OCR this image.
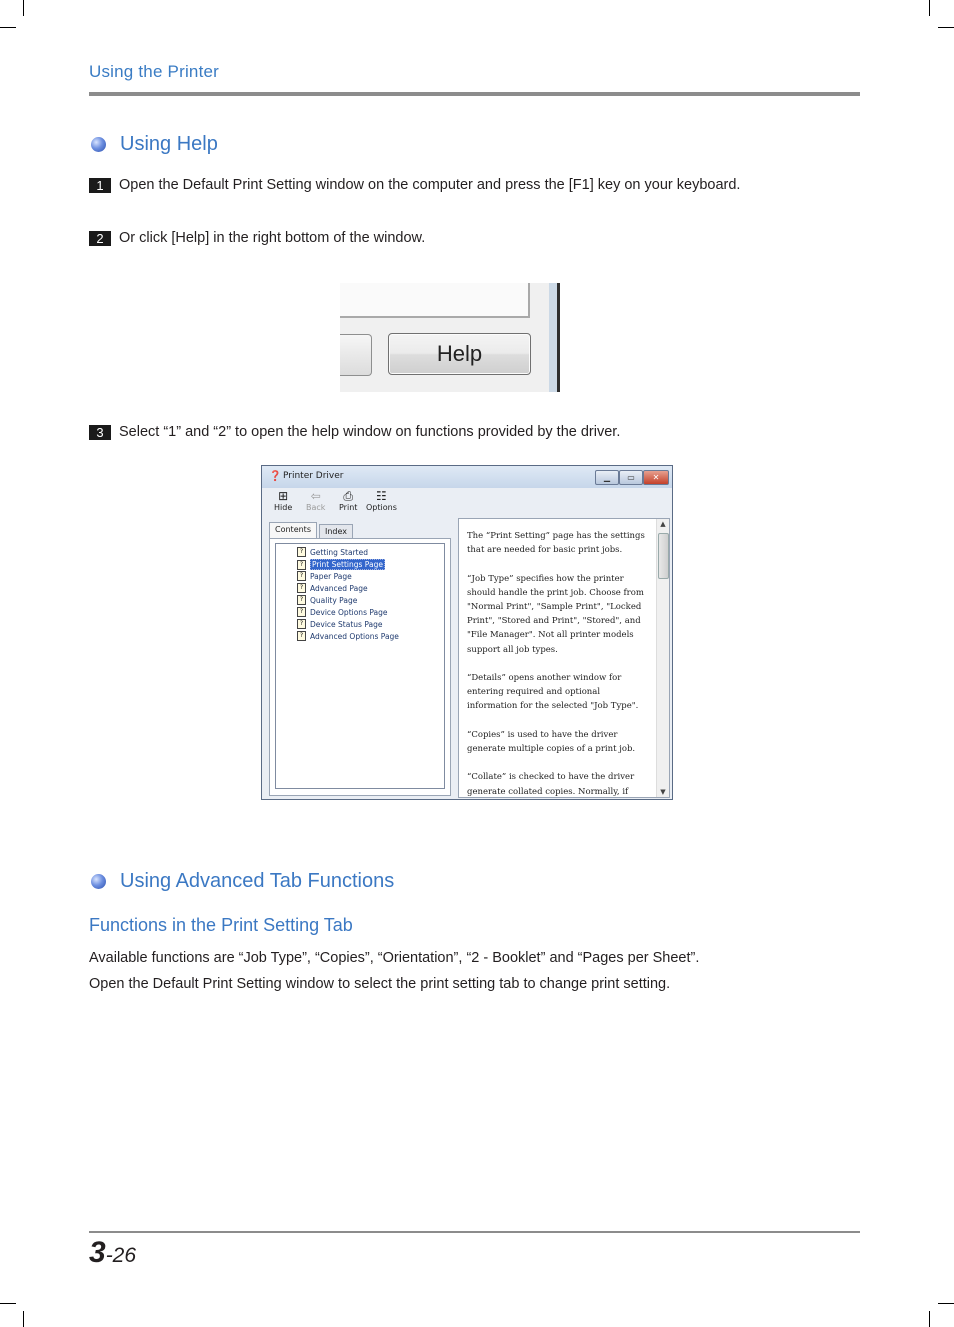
Using the Printer
Using Help
1	Open the Default Print Setting window on the computer and press the [F1] key on your keyboard.
2	Or click [Help] in the right bottom of the window.
Help
3	Select “1” and “2” to open the help window on functions provided by the driver.
❓ Printer Driver	▁	▭	✕
⊞
Hide
⇦
Back
⎙
Print
☷
Options
Contents	Index
? Getting Started
?	Print Settings Page
? Paper Page
? Advanced Page
? Quality Page
? Device Options Page
? Device Status Page
? Advanced Options Page

The “Print Setting” page has the settings that are needed for basic print jobs.

“Job Type” specifies how the printer should handle the print job. Choose from "Normal Print", "Sample Print", "Locked Print", "Stored and Print", "Stored", and "File Manager". Not all printer models support all job types.

“Details” opens another window for entering required and optional information for the selected "Job Type".

“Copies” is used to have the driver generate multiple copies of a print job.

“Collate” is checked to have the driver generate collated copies. Normally, if

▲
▼
Using Advanced Tab Functions
Functions in the Print Setting Tab
Available functions are “Job Type”, “Copies”, “Orientation”, “2 - Booklet” and “Pages per Sheet”.
Open the Default Print Setting window to select the print setting tab to change print setting.
3-26
